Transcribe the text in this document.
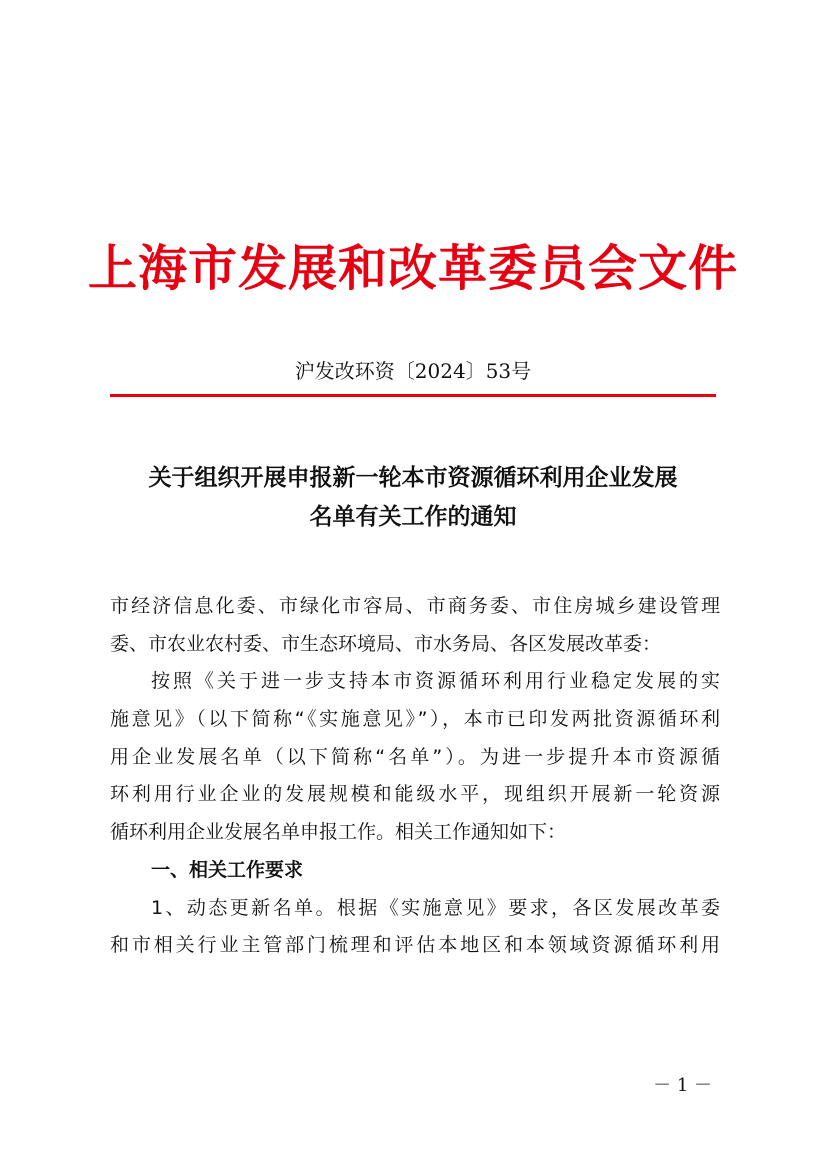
上海市发展和改革委员会文件
沪发改环资〔2024〕53号
关于组织开展申报新一轮本市资源循环利用企业发展
名单有关工作的通知
市经济信息化委、市绿化市容局、市商务委、市住房城乡建设管理
委、市农业农村委、市生态环境局、市水务局、各区发展改革委：
按照《关于进一步支持本市资源循环利用行业稳定发展的实
施意见》（以下简称“《实施意见》”），本市已印发两批资源循环利
用企业发展名单（以下简称“名单”）。为进一步提升本市资源循
环利用行业企业的发展规模和能级水平，现组织开展新一轮资源
循环利用企业发展名单申报工作。相关工作通知如下：
一、相关工作要求
1、动态更新名单。根据《实施意见》要求，各区发展改革委
和市相关行业主管部门梳理和评估本地区和本领域资源循环利用
－ 1 －
